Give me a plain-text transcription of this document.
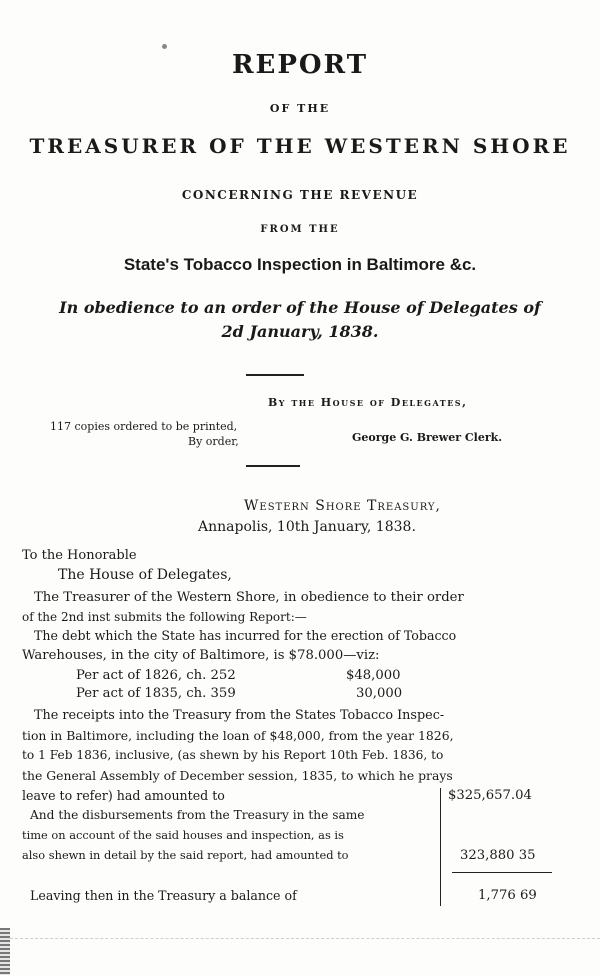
REPORT
OF THE
TREASURER OF THE WESTERN SHORE
CONCERNING THE REVENUE
FROM THE
State's Tobacco Inspection in Baltimore &c.
In obedience to an order of the House of Delegates of
2d January, 1838.
By the House of Delegates,
117 copies ordered to be printed,
By order,	George G. Brewer Clerk.
Western Shore Treasury,
Annapolis, 10th January, 1838.
To the Honorable
The House of Delegates,
The Treasurer of the Western Shore, in obedience to their order
of the 2nd inst submits the following Report:—
The debt which the State has incurred for the erection of Tobacco
Warehouses, in the city of Baltimore, is $78.000—viz:
Per act of 1826, ch. 252	$48,000
Per act of 1835, ch. 359	30,000
The receipts into the Treasury from the States Tobacco Inspec-
tion in Baltimore, including the loan of $48,000, from the year 1826,
to 1 Feb 1836, inclusive, (as shewn by his Report 10th Feb. 1836, to
the General Assembly of December session, 1835, to which he prays
leave to refer) had amounted to	$325,657.04
And the disbursements from the Treasury in the same
time on account of the said houses and inspection, as is
also shewn in detail by the said report, had amounted to	323,880 35
Leaving then in the Treasury a balance of	1,776 69
